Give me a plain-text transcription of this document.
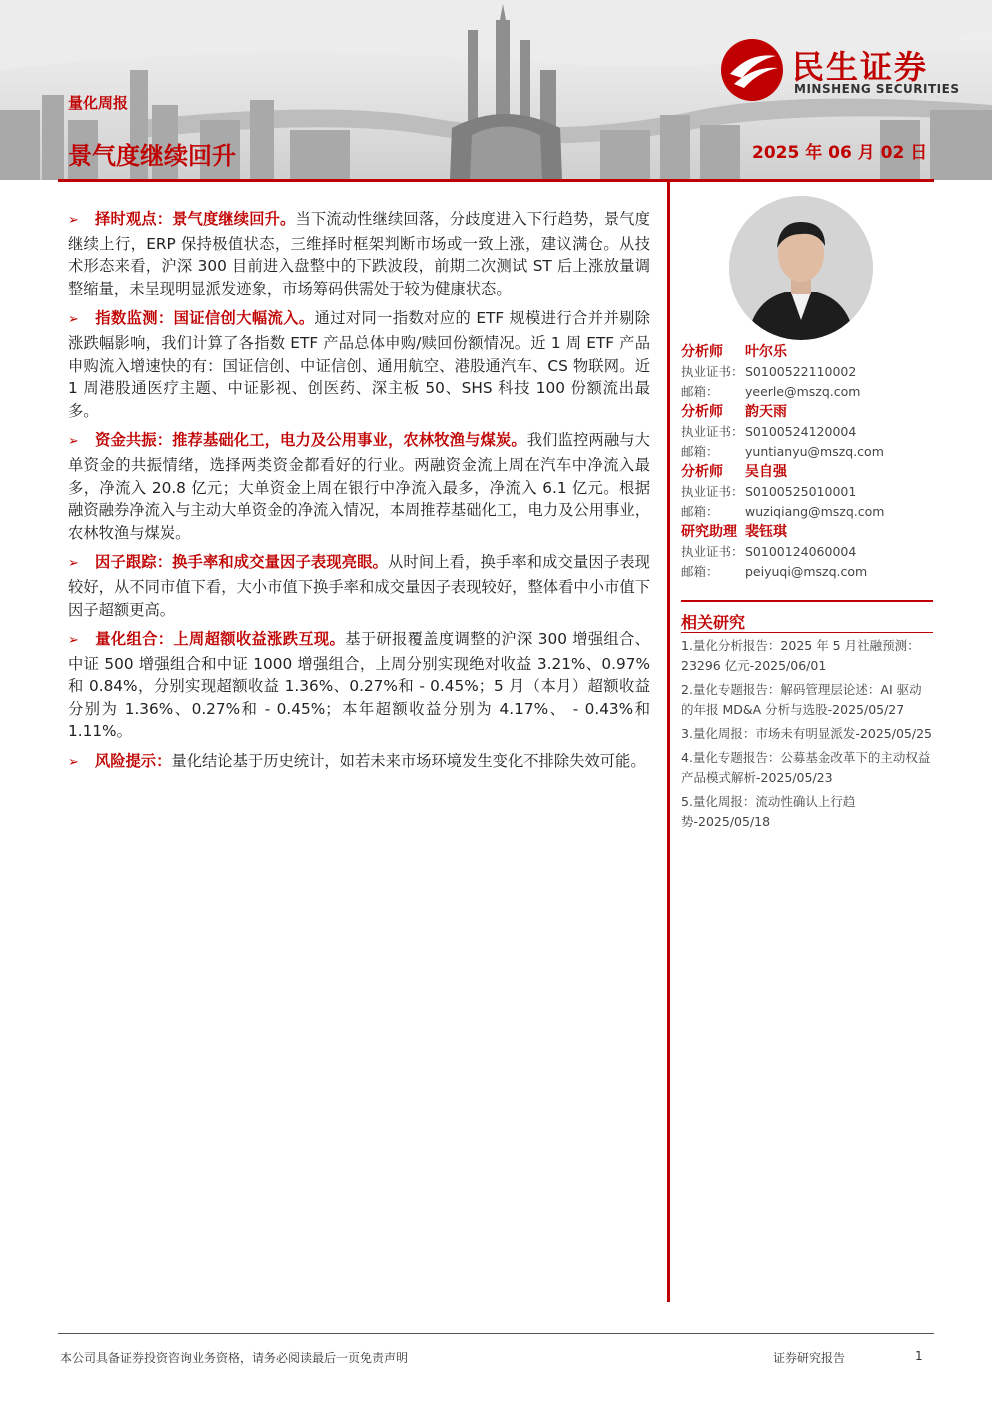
民生证券
MINSHENG SECURITIES
量化周报
景气度继续回升	2025 年 06 月 02 日
➢ 择时观点：景气度继续回升。当下流动性继续回落，分歧度进入下行趋势，景气度继续上行，ERP 保持极值状态，三维择时框架判断市场或一致上涨，建议满仓。从技术形态来看，沪深 300 目前进入盘整中的下跌波段，前期二次测试 ST 后上涨放量调整缩量，未呈现明显派发迹象，市场筹码供需处于较为健康状态。
➢ 指数监测：国证信创大幅流入。通过对同一指数对应的 ETF 规模进行合并并剔除涨跌幅影响，我们计算了各指数 ETF 产品总体申购/赎回份额情况。近 1 周 ETF 产品申购流入增速快的有：国证信创、中证信创、通用航空、港股通汽车、CS 物联网。近 1 周港股通医疗主题、中证影视、创医药、深主板 50、SHS 科技 100 份额流出最多。
➢ 资金共振：推荐基础化工，电力及公用事业，农林牧渔与煤炭。我们监控两融与大单资金的共振情绪，选择两类资金都看好的行业。两融资金流上周在汽车中净流入最多，净流入 20.8 亿元；大单资金上周在银行中净流入最多，净流入 6.1 亿元。根据融资融券净流入与主动大单资金的净流入情况，本周推荐基础化工，电力及公用事业，农林牧渔与煤炭。
➢ 因子跟踪：换手率和成交量因子表现亮眼。从时间上看，换手率和成交量因子表现较好，从不同市值下看，大小市值下换手率和成交量因子表现较好，整体看中小市值下因子超额更高。
➢ 量化组合：上周超额收益涨跌互现。基于研报覆盖度调整的沪深 300 增强组合、中证 500 增强组合和中证 1000 增强组合，上周分别实现绝对收益 3.21%、0.97%和 0.84%，分别实现超额收益 1.36%、0.27%和 - 0.45%；5 月（本月）超额收益分别为 1.36%、0.27%和 - 0.45%；本年超额收益分别为 4.17%、 - 0.43%和 1.11%。
➢ 风险提示：量化结论基于历史统计，如若未来市场环境发生变化不排除失效可能。
分析师 叶尔乐
执业证书：S0100522110002
邮箱： yeerle@mszq.com
分析师 韵天雨
执业证书：S0100524120004
邮箱： yuntianyu@mszq.com
分析师 吴自强
执业证书：S0100525010001
邮箱： wuziqiang@mszq.com
研究助理 裴钰琪
执业证书：S0100124060004
邮箱： peiyuqi@mszq.com
相关研究
1.量化分析报告：2025 年 5 月社融预测：23296 亿元-2025/06/01
2.量化专题报告：解码管理层论述：AI 驱动的年报 MD&A 分析与选股-2025/05/27
3.量化周报：市场未有明显派发-2025/05/25
4.量化专题报告：公募基金改革下的主动权益产品模式解析-2025/05/23
5.量化周报：流动性确认上行趋势-2025/05/18
本公司具备证券投资咨询业务资格，请务必阅读最后一页免责声明	证券研究报告	1
